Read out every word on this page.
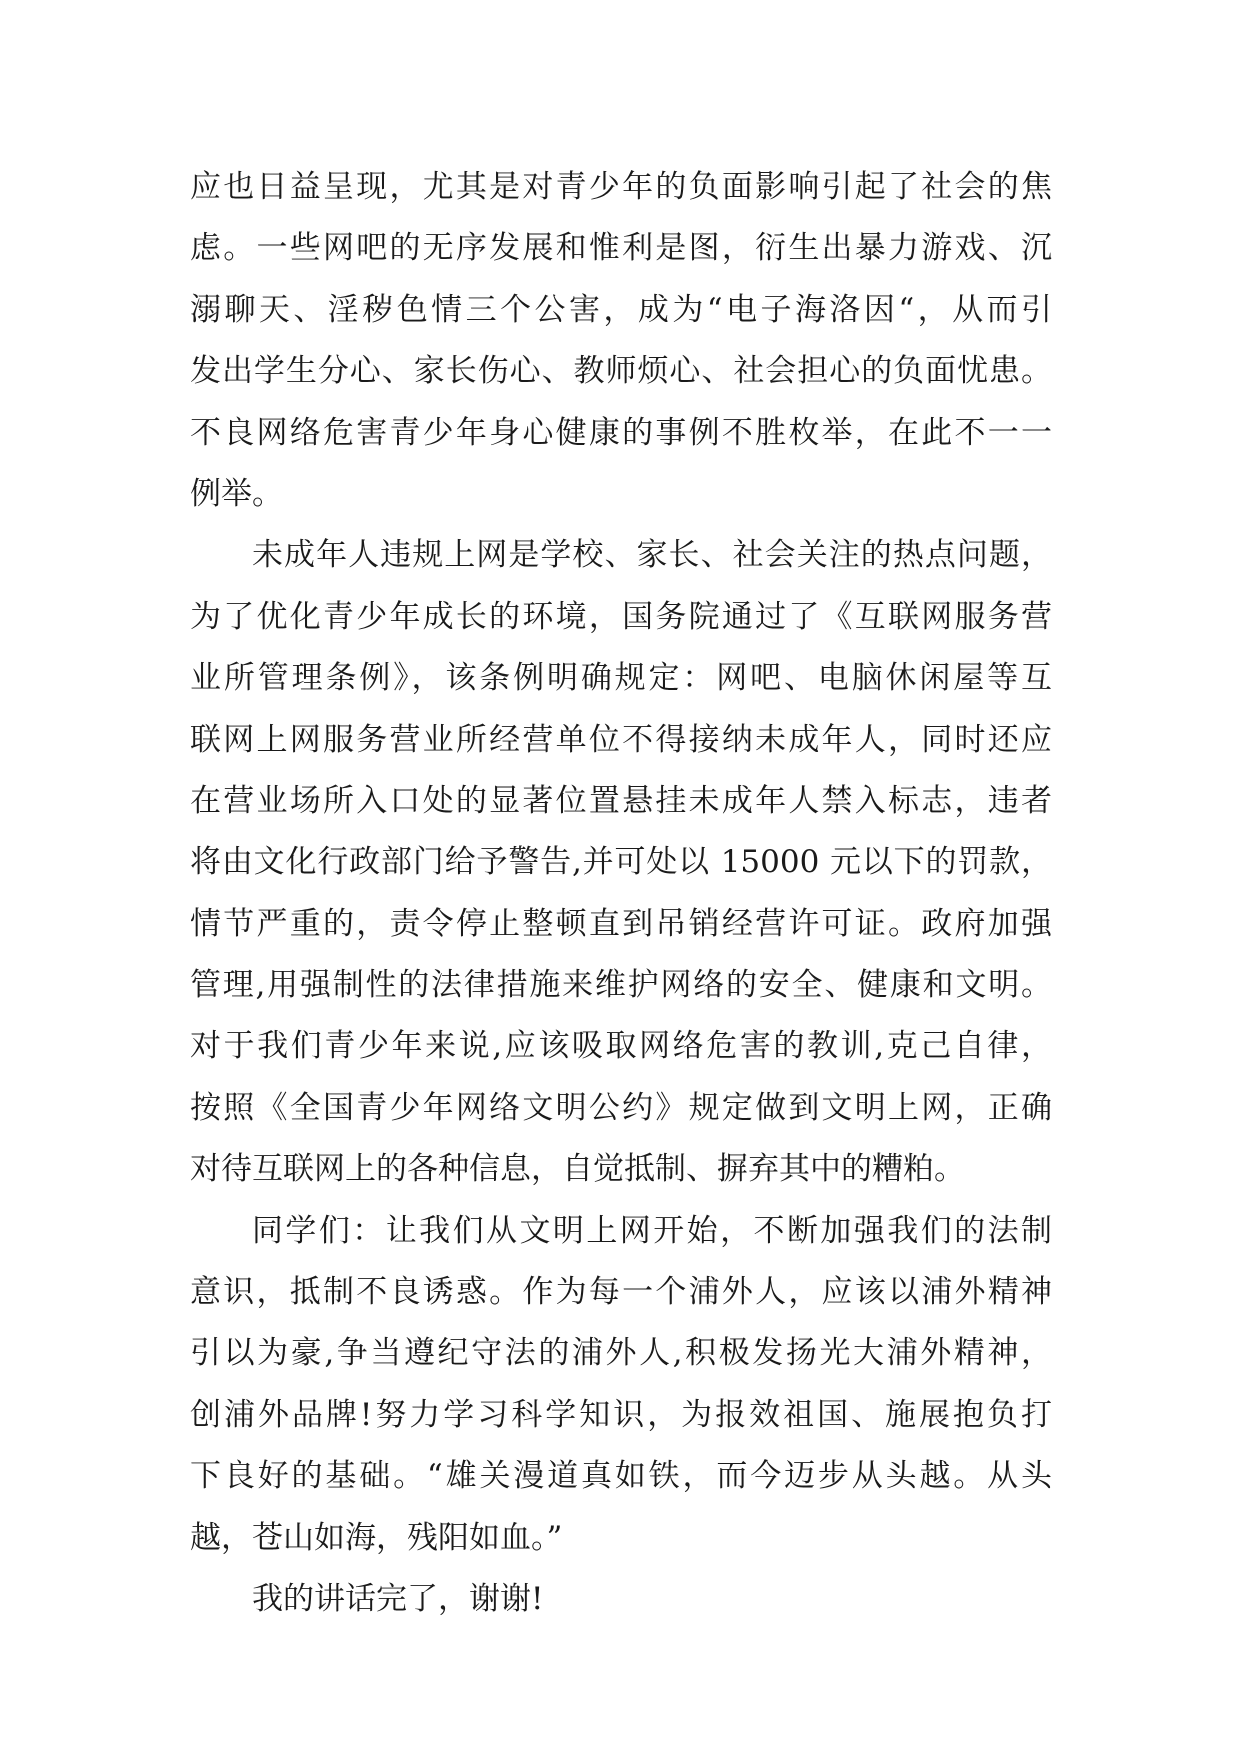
应也日益呈现，尤其是对青少年的负面影响引起了社会的焦
虑。一些网吧的无序发展和惟利是图，衍生出暴力游戏、沉
溺聊天、淫秽色情三个公害，成为“电子海洛因“，从而引
发出学生分心、家长伤心、教师烦心、社会担心的负面忧患。
不良网络危害青少年身心健康的事例不胜枚举，在此不一一
例举。
未成年人违规上网是学校、家长、社会关注的热点问题，
为了优化青少年成长的环境，国务院通过了《互联网服务营
业所管理条例》，该条例明确规定：网吧、电脑休闲屋等互
联网上网服务营业所经营单位不得接纳未成年人，同时还应
在营业场所入口处的显著位置悬挂未成年人禁入标志，违者
将由文化行政部门给予警告,并可处以 15000 元以下的罚款，
情节严重的，责令停止整顿直到吊销经营许可证。政府加强
管理,用强制性的法律措施来维护网络的安全、健康和文明。
对于我们青少年来说,应该吸取网络危害的教训,克己自律，
按照《全国青少年网络文明公约》规定做到文明上网，正确
对待互联网上的各种信息，自觉抵制、摒弃其中的糟粕。
同学们：让我们从文明上网开始，不断加强我们的法制
意识，抵制不良诱惑。作为每一个浦外人，应该以浦外精神
引以为豪,争当遵纪守法的浦外人,积极发扬光大浦外精神，
创浦外品牌!努力学习科学知识，为报效祖国、施展抱负打
下良好的基础。“雄关漫道真如铁，而今迈步从头越。从头
越，苍山如海，残阳如血。”
我的讲话完了，谢谢!
